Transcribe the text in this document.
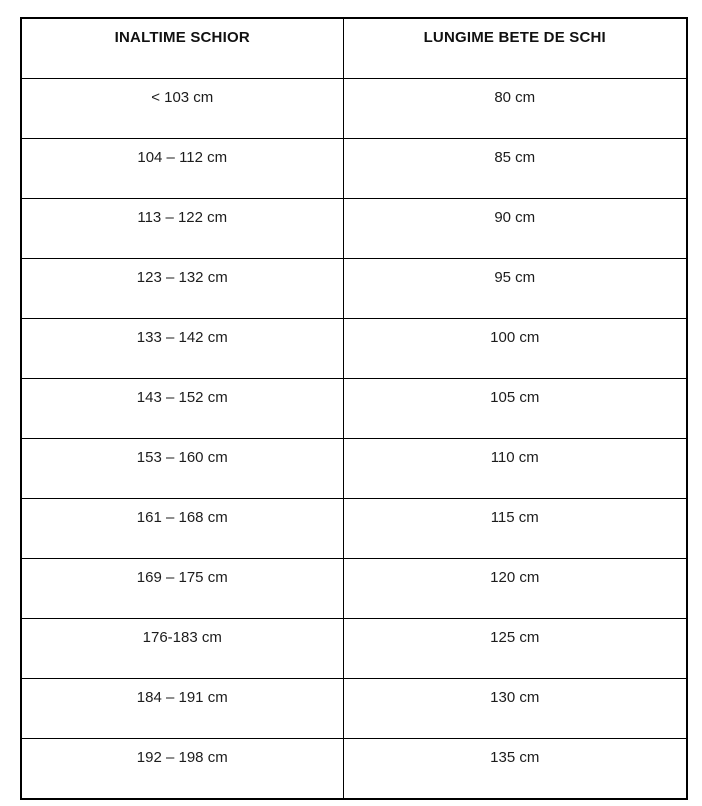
INALTIME SCHIOR	LUNGIME BETE DE SCHI
< 103 cm	80 cm
104 – 112 cm	85 cm
113 – 122 cm	90 cm
123 – 132 cm	95 cm
133 – 142 cm	100 cm
143 – 152 cm	105 cm
153 – 160 cm	110 cm
161 – 168 cm	115 cm
169 – 175 cm	120 cm
176-183 cm	125 cm
184 – 191 cm	130 cm
192 – 198 cm	135 cm
